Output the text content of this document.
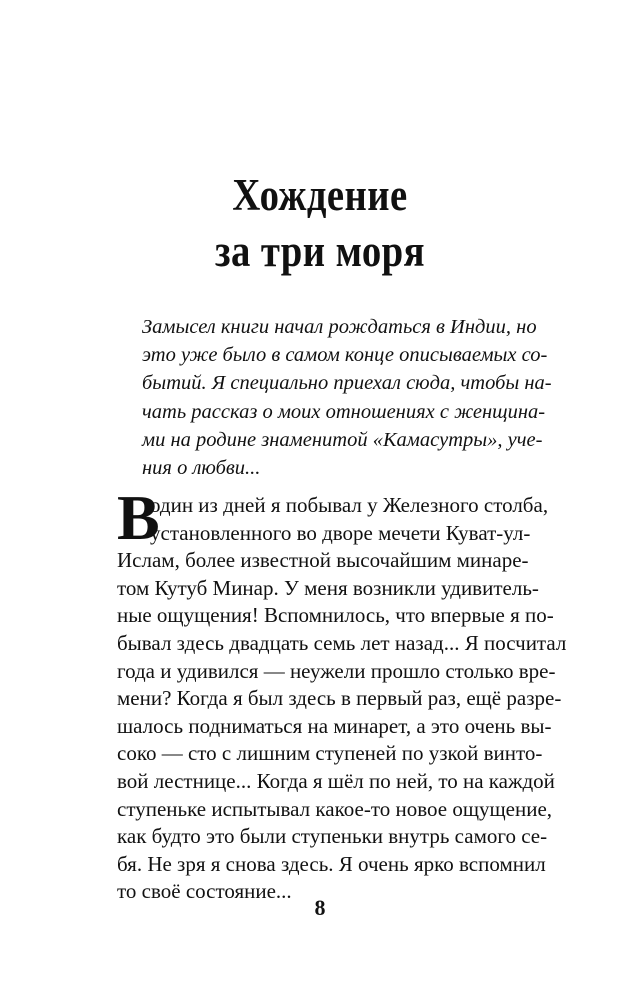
Хождение
за три моря
Замысел книги начал рождаться в Индии, но
это уже было в самом конце описываемых со-
бытий. Я специально приехал сюда, чтобы на-
чать рассказ о моих отношениях с женщина-
ми на родине знаменитой «Камасутры», уче-
ния о любви...
В
один из дней я побывал у Железного столба,
установленного во дворе мечети Куват-ул-
Ислам, более известной высочайшим минаре-
том Кутуб Минар. У меня возникли удивитель-
ные ощущения! Вспомнилось, что впервые я по-
бывал здесь двадцать семь лет назад... Я посчитал
года и удивился — неужели прошло столько вре-
мени? Когда я был здесь в первый раз, ещё разре-
шалось подниматься на минарет, а это очень вы-
соко — сто с лишним ступеней по узкой винто-
вой лестнице... Когда я шёл по ней, то на каждой
ступеньке испытывал какое-то новое ощущение,
как будто это были ступеньки внутрь самого се-
бя. Не зря я снова здесь. Я очень ярко вспомнил
то своё состояние...
8
